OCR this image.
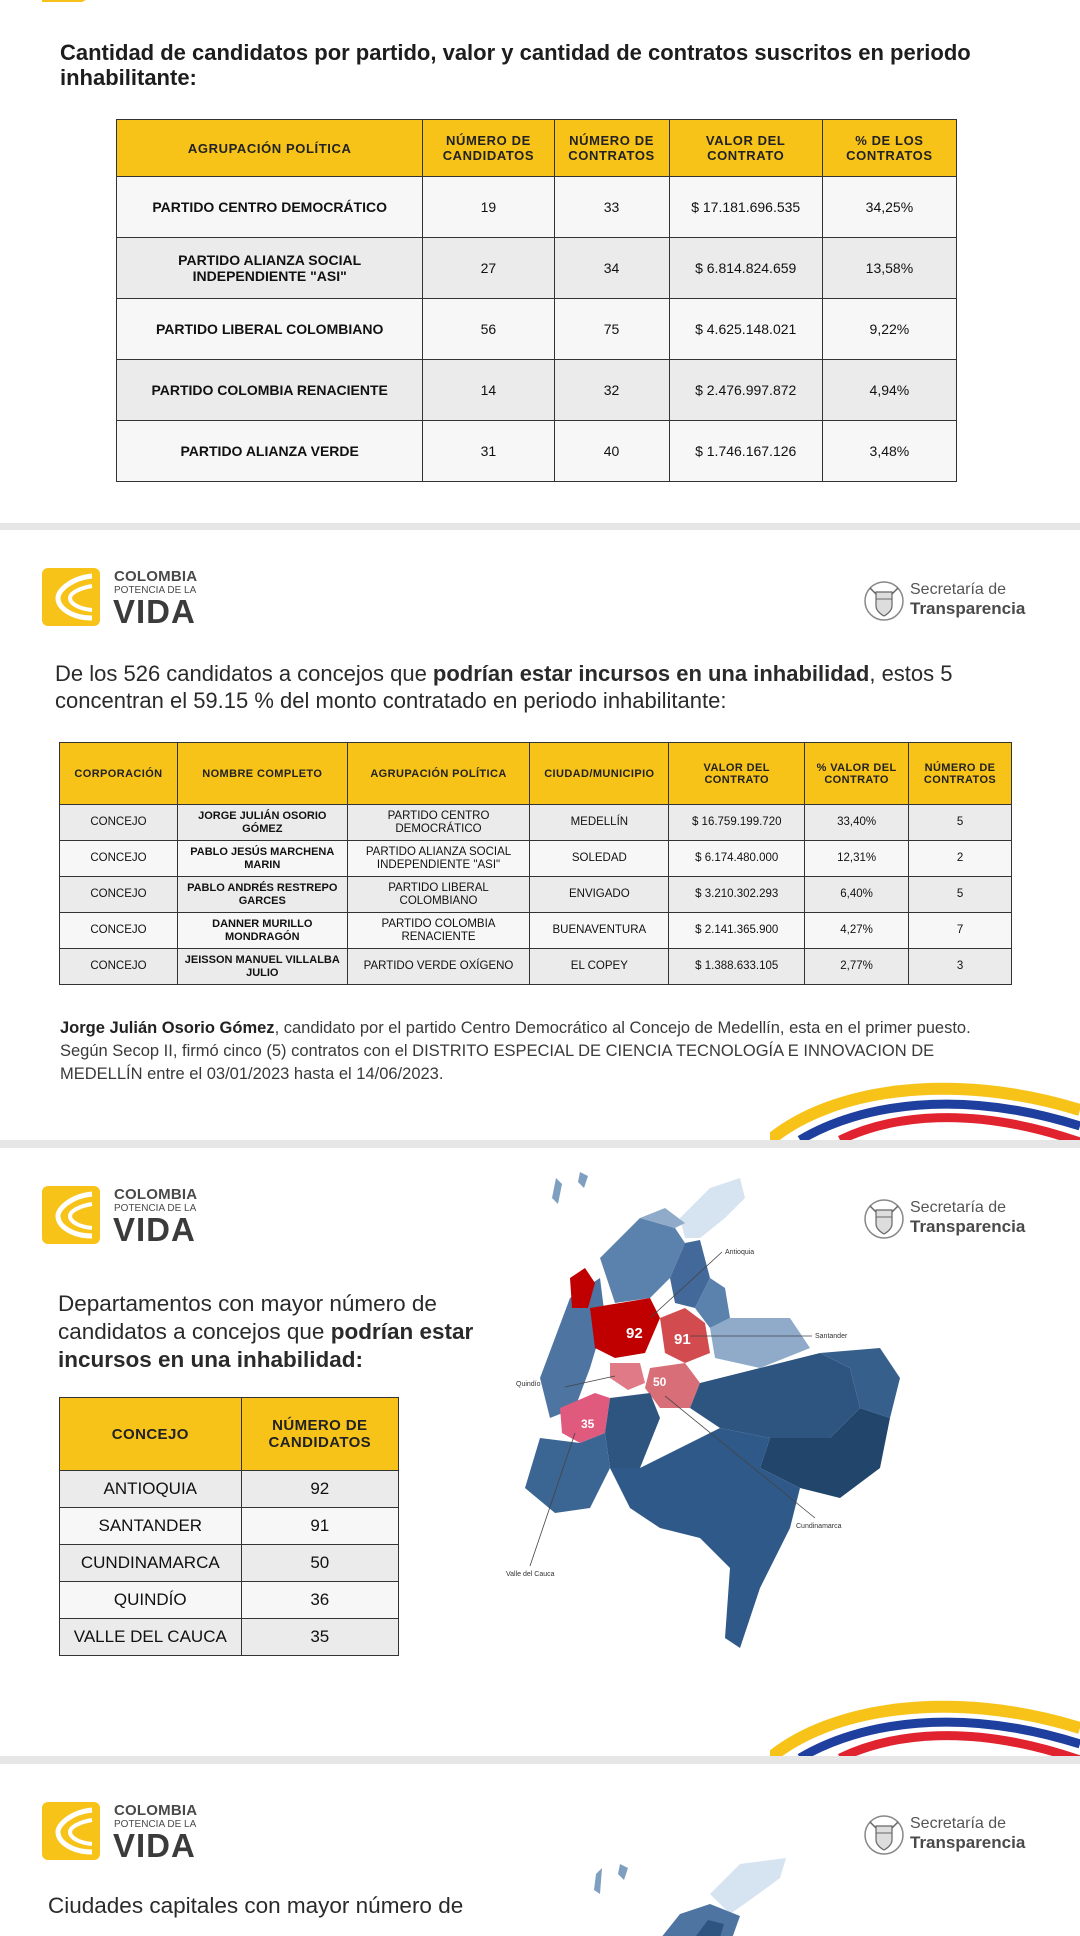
Cantidad de candidatos por partido, valor y cantidad de contratos suscritos en periodo inhabilitante:
AGRUPACIÓN POLÍTICA	NÚMERO DE CANDIDATOS	NÚMERO DE CONTRATOS	VALOR DEL CONTRATO	% DE LOS CONTRATOS
PARTIDO CENTRO DEMOCRÁTICO	19	33	$ 17.181.696.535	34,25%
PARTIDO ALIANZA SOCIAL INDEPENDIENTE "ASI"	27	34	$ 6.814.824.659	13,58%
PARTIDO LIBERAL COLOMBIANO	56	75	$ 4.625.148.021	9,22%
PARTIDO COLOMBIA RENACIENTE	14	32	$ 2.476.997.872	4,94%
PARTIDO ALIANZA VERDE	31	40	$ 1.746.167.126	3,48%
COLOMBIA
POTENCIA DE LA
VIDA
Secretaría de
Transparencia
De los 526 candidatos a concejos que podrían estar incursos en una inhabilidad, estos 5 concentran el 59.15 % del monto contratado en periodo inhabilitante:
CORPORACIÓN	NOMBRE COMPLETO	AGRUPACIÓN POLÍTICA	CIUDAD/MUNICIPIO	VALOR DEL CONTRATO	% VALOR DEL CONTRATO	NÚMERO DE CONTRATOS
CONCEJO	JORGE JULIÁN OSORIO GÓMEZ	PARTIDO CENTRO DEMOCRÁTICO	MEDELLÍN	$ 16.759.199.720	33,40%	5
CONCEJO	PABLO JESÚS MARCHENA MARIN	PARTIDO ALIANZA SOCIAL INDEPENDIENTE "ASI"	SOLEDAD	$ 6.174.480.000	12,31%	2
CONCEJO	PABLO ANDRÉS RESTREPO GARCES	PARTIDO LIBERAL COLOMBIANO	ENVIGADO	$ 3.210.302.293	6,40%	5
CONCEJO	DANNER MURILLO MONDRAGÓN	PARTIDO COLOMBIA RENACIENTE	BUENAVENTURA	$ 2.141.365.900	4,27%	7
CONCEJO	JEISSON MANUEL VILLALBA JULIO	PARTIDO VERDE OXÍGENO	EL COPEY	$ 1.388.633.105	2,77%	3
Jorge Julián Osorio Gómez, candidato por el partido Centro Democrático al Concejo de Medellín, esta en el primer puesto. Según Secop II, firmó cinco (5) contratos con el DISTRITO ESPECIAL DE CIENCIA TECNOLOGÍA E INNOVACION DE MEDELLÍN entre el 03/01/2023 hasta el 14/06/2023.
COLOMBIA
POTENCIA DE LA
VIDA
Secretaría de
Transparencia
Departamentos con mayor número de candidatos a concejos que podrían estar
incursos en una inhabilidad:
CONCEJO	NÚMERO DE CANDIDATOS
ANTIOQUIA	92
SANTANDER	91
CUNDINAMARCA	50
QUINDÍO	36
VALLE DEL CAUCA	35
92 91
50
35
Antioquia
Santander
Quindío
Cundinamarca
Valle del Cauca
COLOMBIA
POTENCIA DE LA
VIDA
Secretaría de
Transparencia
Ciudades capitales con mayor número de
